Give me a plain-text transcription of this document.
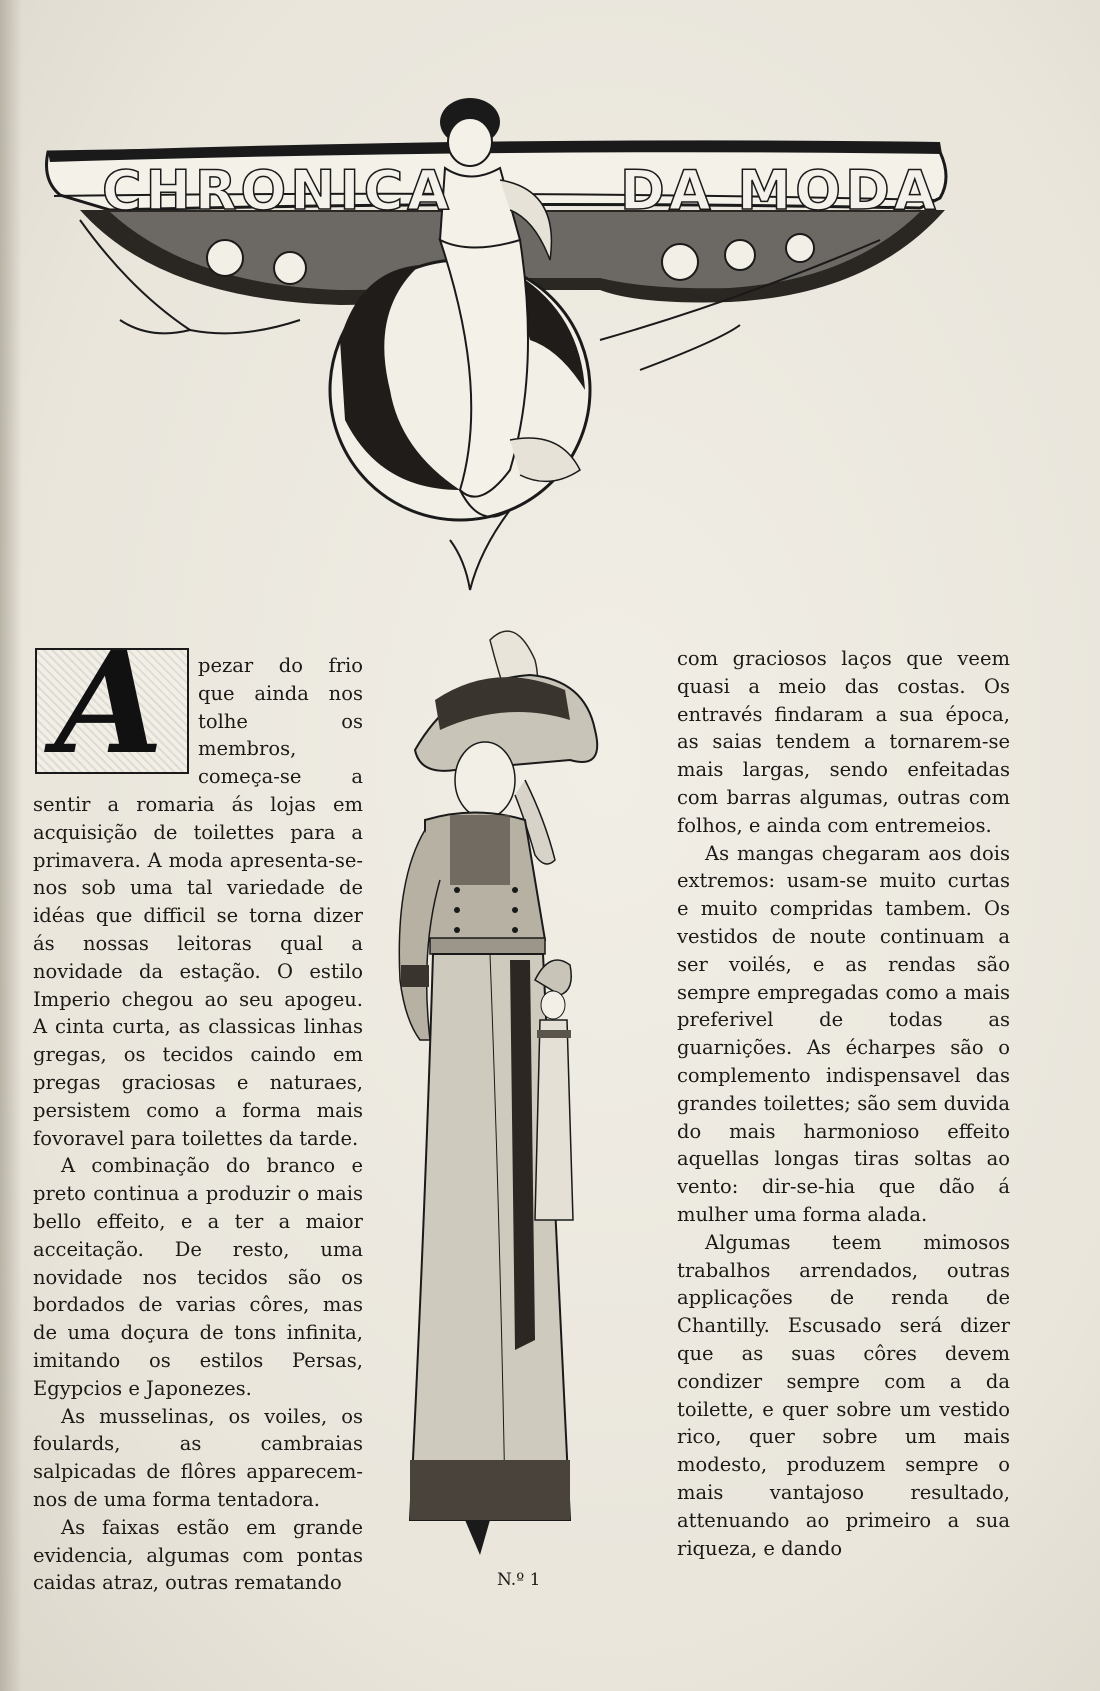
CHRONICA	DA MODA
A	pezar do frio que ainda nos tolhe os membros, começa-se a sentir a romaria ás lojas em acquisição de toilettes para a primavera. A moda apresenta-se-nos sob uma tal variedade de idéas que difficil se torna dizer ás nossas leitoras qual a novidade da estação. O estilo Imperio chegou ao seu apogeu. A cinta curta, as classicas linhas gregas, os tecidos caindo em pregas graciosas e naturaes, persistem como a forma mais fovoravel para toilettes da tarde.

A combinação do branco e preto continua a produzir o mais bello effeito, e a ter a maior acceitação. De resto, uma novidade nos tecidos são os bordados de varias côres, mas de uma doçura de tons infinita, imitando os estilos Persas, Egypcios e Japonezes.

As musselinas, os voiles, os foulards, as cambraias salpicadas de flôres apparecem-nos de uma forma tentadora.

As faixas estão em grande evidencia, algumas com pontas caidas atraz, outras rematando	N.º 1

com graciosos laços que veem quasi a meio das costas. Os entravés findaram a sua época, as saias tendem a tornarem-se mais largas, sendo enfeitadas com barras algumas, outras com folhos, e ainda com entremeios.

As mangas chegaram aos dois extremos: usam-se muito curtas e muito compridas tambem. Os vestidos de noute continuam a ser voilés, e as rendas são sempre empregadas como a mais preferivel de todas as guarnições. As écharpes são o complemento indispensavel das grandes toilettes; são sem duvida do mais harmonioso effeito aquellas longas tiras soltas ao vento: dir-se-hia que dão á mulher uma forma alada.

Algumas teem mimosos trabalhos arrendados, outras applicações de renda de Chantilly. Escusado será dizer que as suas côres devem condizer sempre com a da toilette, e quer sobre um vestido rico, quer sobre um mais modesto, produzem sempre o mais vantajoso resultado, attenuando ao primeiro a sua riqueza, e dando
